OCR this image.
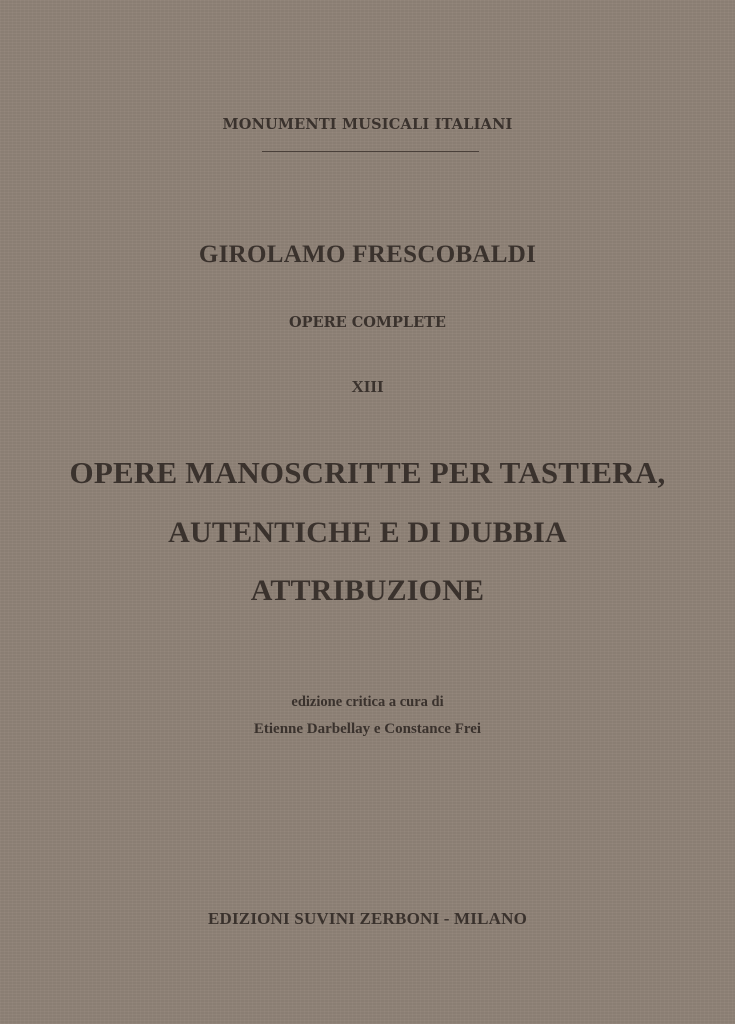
MONUMENTI MUSICALI ITALIANI
GIROLAMO FRESCOBALDI
OPERE COMPLETE
XIII
OPERE MANOSCRITTE PER TASTIERA,
AUTENTICHE E DI DUBBIA
ATTRIBUZIONE
edizione critica a cura di
Etienne Darbellay e Constance Frei
EDIZIONI SUVINI ZERBONI - MILANO
